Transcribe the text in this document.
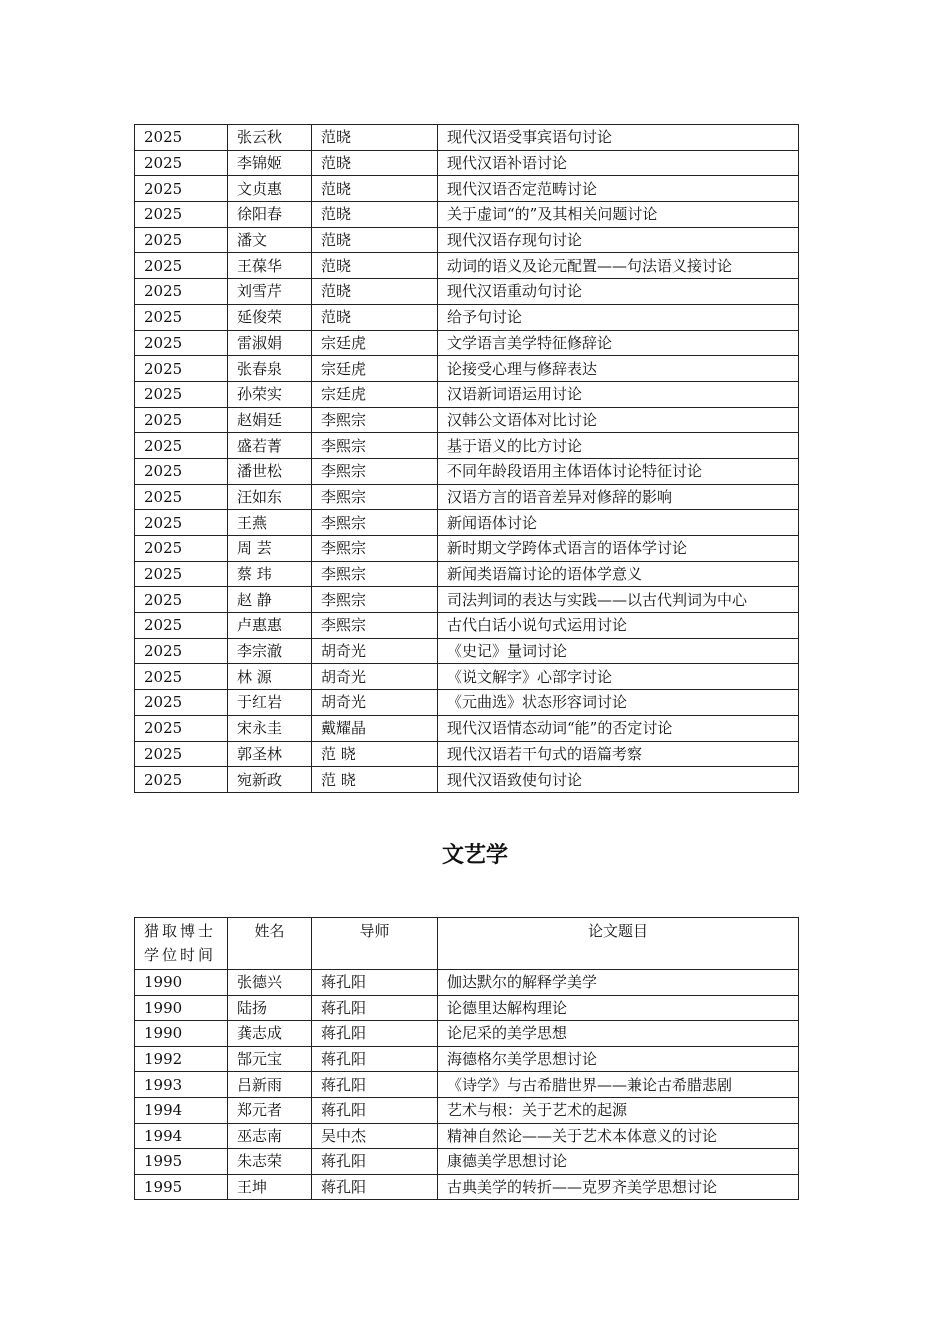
2025	张云秋	范晓	现代汉语受事宾语句讨论
2025	李锦姬	范晓	现代汉语补语讨论
2025	文贞惠	范晓	现代汉语否定范畴讨论
2025	徐阳春	范晓	关于虚词“的”及其相关问题讨论
2025	潘文	范晓	现代汉语存现句讨论
2025	王葆华	范晓	动词的语义及论元配置——句法语义接讨论
2025	刘雪芹	范晓	现代汉语重动句讨论
2025	延俊荣	范晓	给予句讨论
2025	雷淑娟	宗廷虎	文学语言美学特征修辞论
2025	张春泉	宗廷虎	论接受心理与修辞表达
2025	孙荣实	宗廷虎	汉语新词语运用讨论
2025	赵娟廷	李熙宗	汉韩公文语体对比讨论
2025	盛若菁	李熙宗	基于语义的比方讨论
2025	潘世松	李熙宗	不同年龄段语用主体语体讨论特征讨论
2025	汪如东	李熙宗	汉语方言的语音差异对修辞的影响
2025	王燕	李熙宗	新闻语体讨论
2025	周 芸	李熙宗	新时期文学跨体式语言的语体学讨论
2025	蔡 玮	李熙宗	新闻类语篇讨论的语体学意义
2025	赵 静	李熙宗	司法判词的表达与实践——以古代判词为中心
2025	卢惠惠	李熙宗	古代白话小说句式运用讨论
2025	李宗澈	胡奇光	《史记》量词讨论
2025	林 源	胡奇光	《说文解字》心部字讨论
2025	于红岩	胡奇光	《元曲选》状态形容词讨论
2025	宋永圭	戴耀晶	现代汉语情态动词“能”的否定讨论
2025	郭圣林	范 晓	现代汉语若干句式的语篇考察
2025	宛新政	范 晓	现代汉语致使句讨论
文艺学
猎取博士学位时间	姓名	导师	论文题目
1990	张德兴	蒋孔阳	伽达默尔的解释学美学
1990	陆扬	蒋孔阳	论德里达解构理论
1990	龚志成	蒋孔阳	论尼采的美学思想
1992	郜元宝	蒋孔阳	海德格尔美学思想讨论
1993	吕新雨	蒋孔阳	《诗学》与古希腊世界——兼论古希腊悲剧
1994	郑元者	蒋孔阳	艺术与根：关于艺术的起源
1994	巫志南	吴中杰	精神自然论——关于艺术本体意义的讨论
1995	朱志荣	蒋孔阳	康德美学思想讨论
1995	王坤	蒋孔阳	古典美学的转折——克罗齐美学思想讨论
